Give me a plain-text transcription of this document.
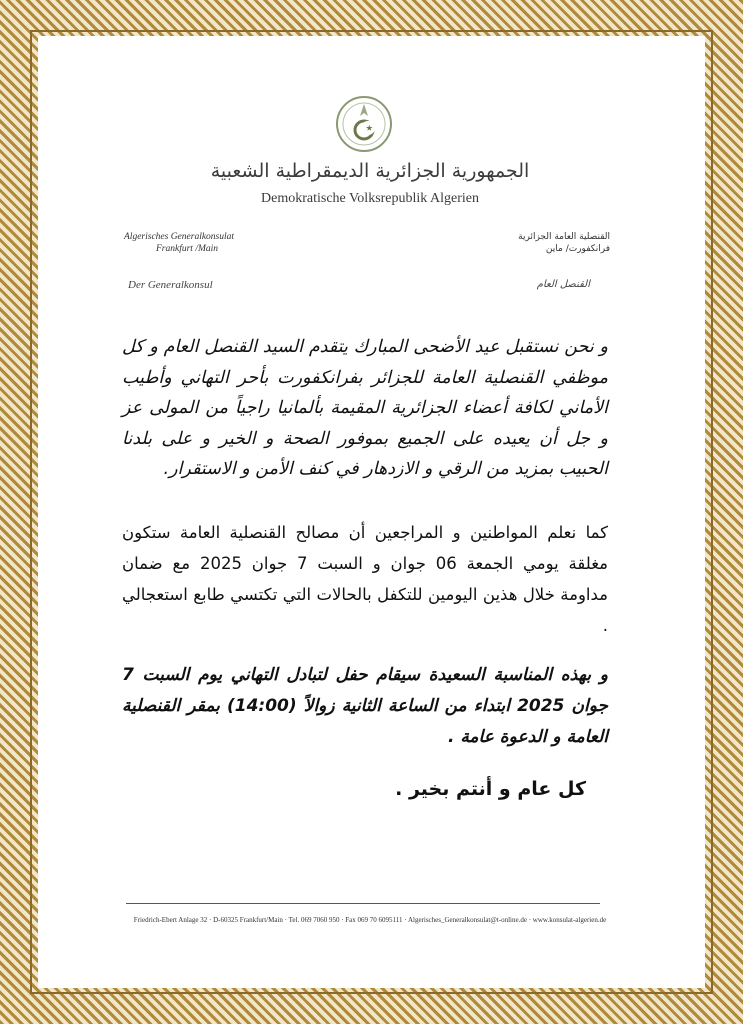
الجمهورية الجزائرية الديمقراطية الشعبية
Demokratische Volksrepublik Algerien
Algerisches Generalkonsulat
Frankfurt /Main
القنصلية العامة الجزائرية
فرانكفورت/ ماين
Der Generalkonsul	القنصل العام
و نحن نستقبل عيد الأضحى المبارك يتقدم السيد القنصل العام و كل موظفي القنصلية العامة للجزائر بفرانكفورت بأحر التهاني وأطيب الأماني لكافة أعضاء الجزائرية المقيمة بألمانيا راجياً من المولى عز و جل أن يعيده على الجميع بموفور الصحة و الخير و على بلدنا الحبيب بمزيد من الرقي و الازدهار في كنف الأمن و الاستقرار.
كما نعلم المواطنين و المراجعين أن مصالح القنصلية العامة ستكون مغلقة يومي الجمعة 06 جوان و السبت 7 جوان 2025 مع ضمان مداومة خلال هذين اليومين للتكفل بالحالات التي تكتسي طابع استعجالي .
و بهذه المناسبة السعيدة سيقام حفل لتبادل التهاني يوم السبت 7 جوان 2025 ابتداء من الساعة الثانية زوالاً (14:00) بمقر القنصلية العامة و الدعوة عامة .
كل عام و أنتم بخير .
Friedrich-Ebert Anlage 32 · D-60325 Frankfurt/Main · Tel. 069 7060 950 · Fax 069 70 6095111 · Algerisches_Generalkonsulat@t-online.de · www.konsulat-algerien.de
